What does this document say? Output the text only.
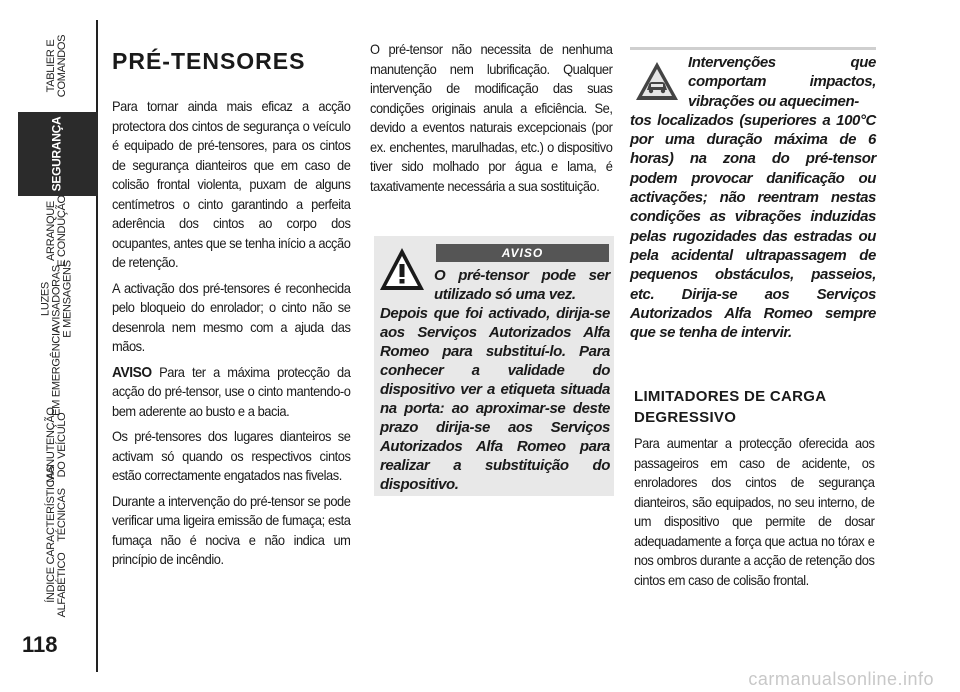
TABLIER E
COMANDOS
SEGURANÇA
ARRANQUE
E CONDUÇÃO
LUZES
AVISADORAS
E MENSAGENS
EM EMERGÊNCIA
MANUTENÇÃO
DO VEÍCULO
CARACTERÍSTICAS
TÉCNICAS
ÍNDICE
ALFABÉTICO
118
PRÉ-TENSORES

Para tornar ainda mais eficaz a acção protectora dos cintos de segurança o veículo é equipado de pré-tensores, para os cintos de segurança dianteiros que em caso de colisão frontal violenta, puxam de alguns centímetros o cinto garantindo a perfeita aderência dos cintos ao corpo dos ocupantes, antes que se tenha início a acção de retenção.

A activação dos pré-tensores é reconhecida pelo bloqueio do enrolador; o cinto não se desenrola nem mesmo com a ajuda das mãos.

AVISO Para ter a máxima protecção da acção do pré-tensor, use o cinto mantendo-o bem aderente ao busto e a bacia.

Os pré-tensores dos lugares dianteiros se activam só quando os respectivos cintos estão correctamente engatados nas fivelas.

Durante a intervenção do pré-tensor se pode verificar uma ligeira emissão de fumaça; esta fumaça não é nociva e não indica um princípio de incêndio.

O pré-tensor não necessita de nenhuma manutenção nem lubrificação. Qualquer intervenção de modificação das suas condições originais anula a eficiência. Se, devido a eventos naturais excepcionais (por ex. enchentes, marulhadas, etc.) o dispositivo tiver sido molhado por água e lama, é taxativamente necessária a sua sostituição.

AVISO
O pré-tensor pode ser utilizado só uma vez.
Depois que foi activado, dirija-se aos Serviços Autorizados Alfa Romeo para substituí-lo. Para conhecer a validade do dispositivo ver a etiqueta situada na porta: ao aproximar-se deste prazo dirija-se aos Serviços Autorizados Alfa Romeo para realizar a substituição do dispositivo.
Intervenções que comportam impactos, vibrações ou aquecimen-
tos localizados (superiores a 100°C por uma duração máxima de 6 horas) na zona do pré-tensor podem provocar danificação ou activações; não reentram nestas condições as vibrações induzidas pelas rugozidades das estradas ou pela acidental ultrapassagem de pequenos obstáculos, passeios, etc. Dirija-se aos Serviços Autorizados Alfa Romeo sempre que se tenha de intervir.
LIMITADORES DE CARGA
DEGRESSIVO

Para aumentar a protecção oferecida aos passageiros em caso de acidente, os enroladores dos cintos de segurança dianteiros, são equipados, no seu interno, de um dispositivo que permite de dosar adequadamente a força que actua no tórax e nos ombros durante a acção de retenção dos cintos em caso de colisão frontal.

carmanualsonline.info
